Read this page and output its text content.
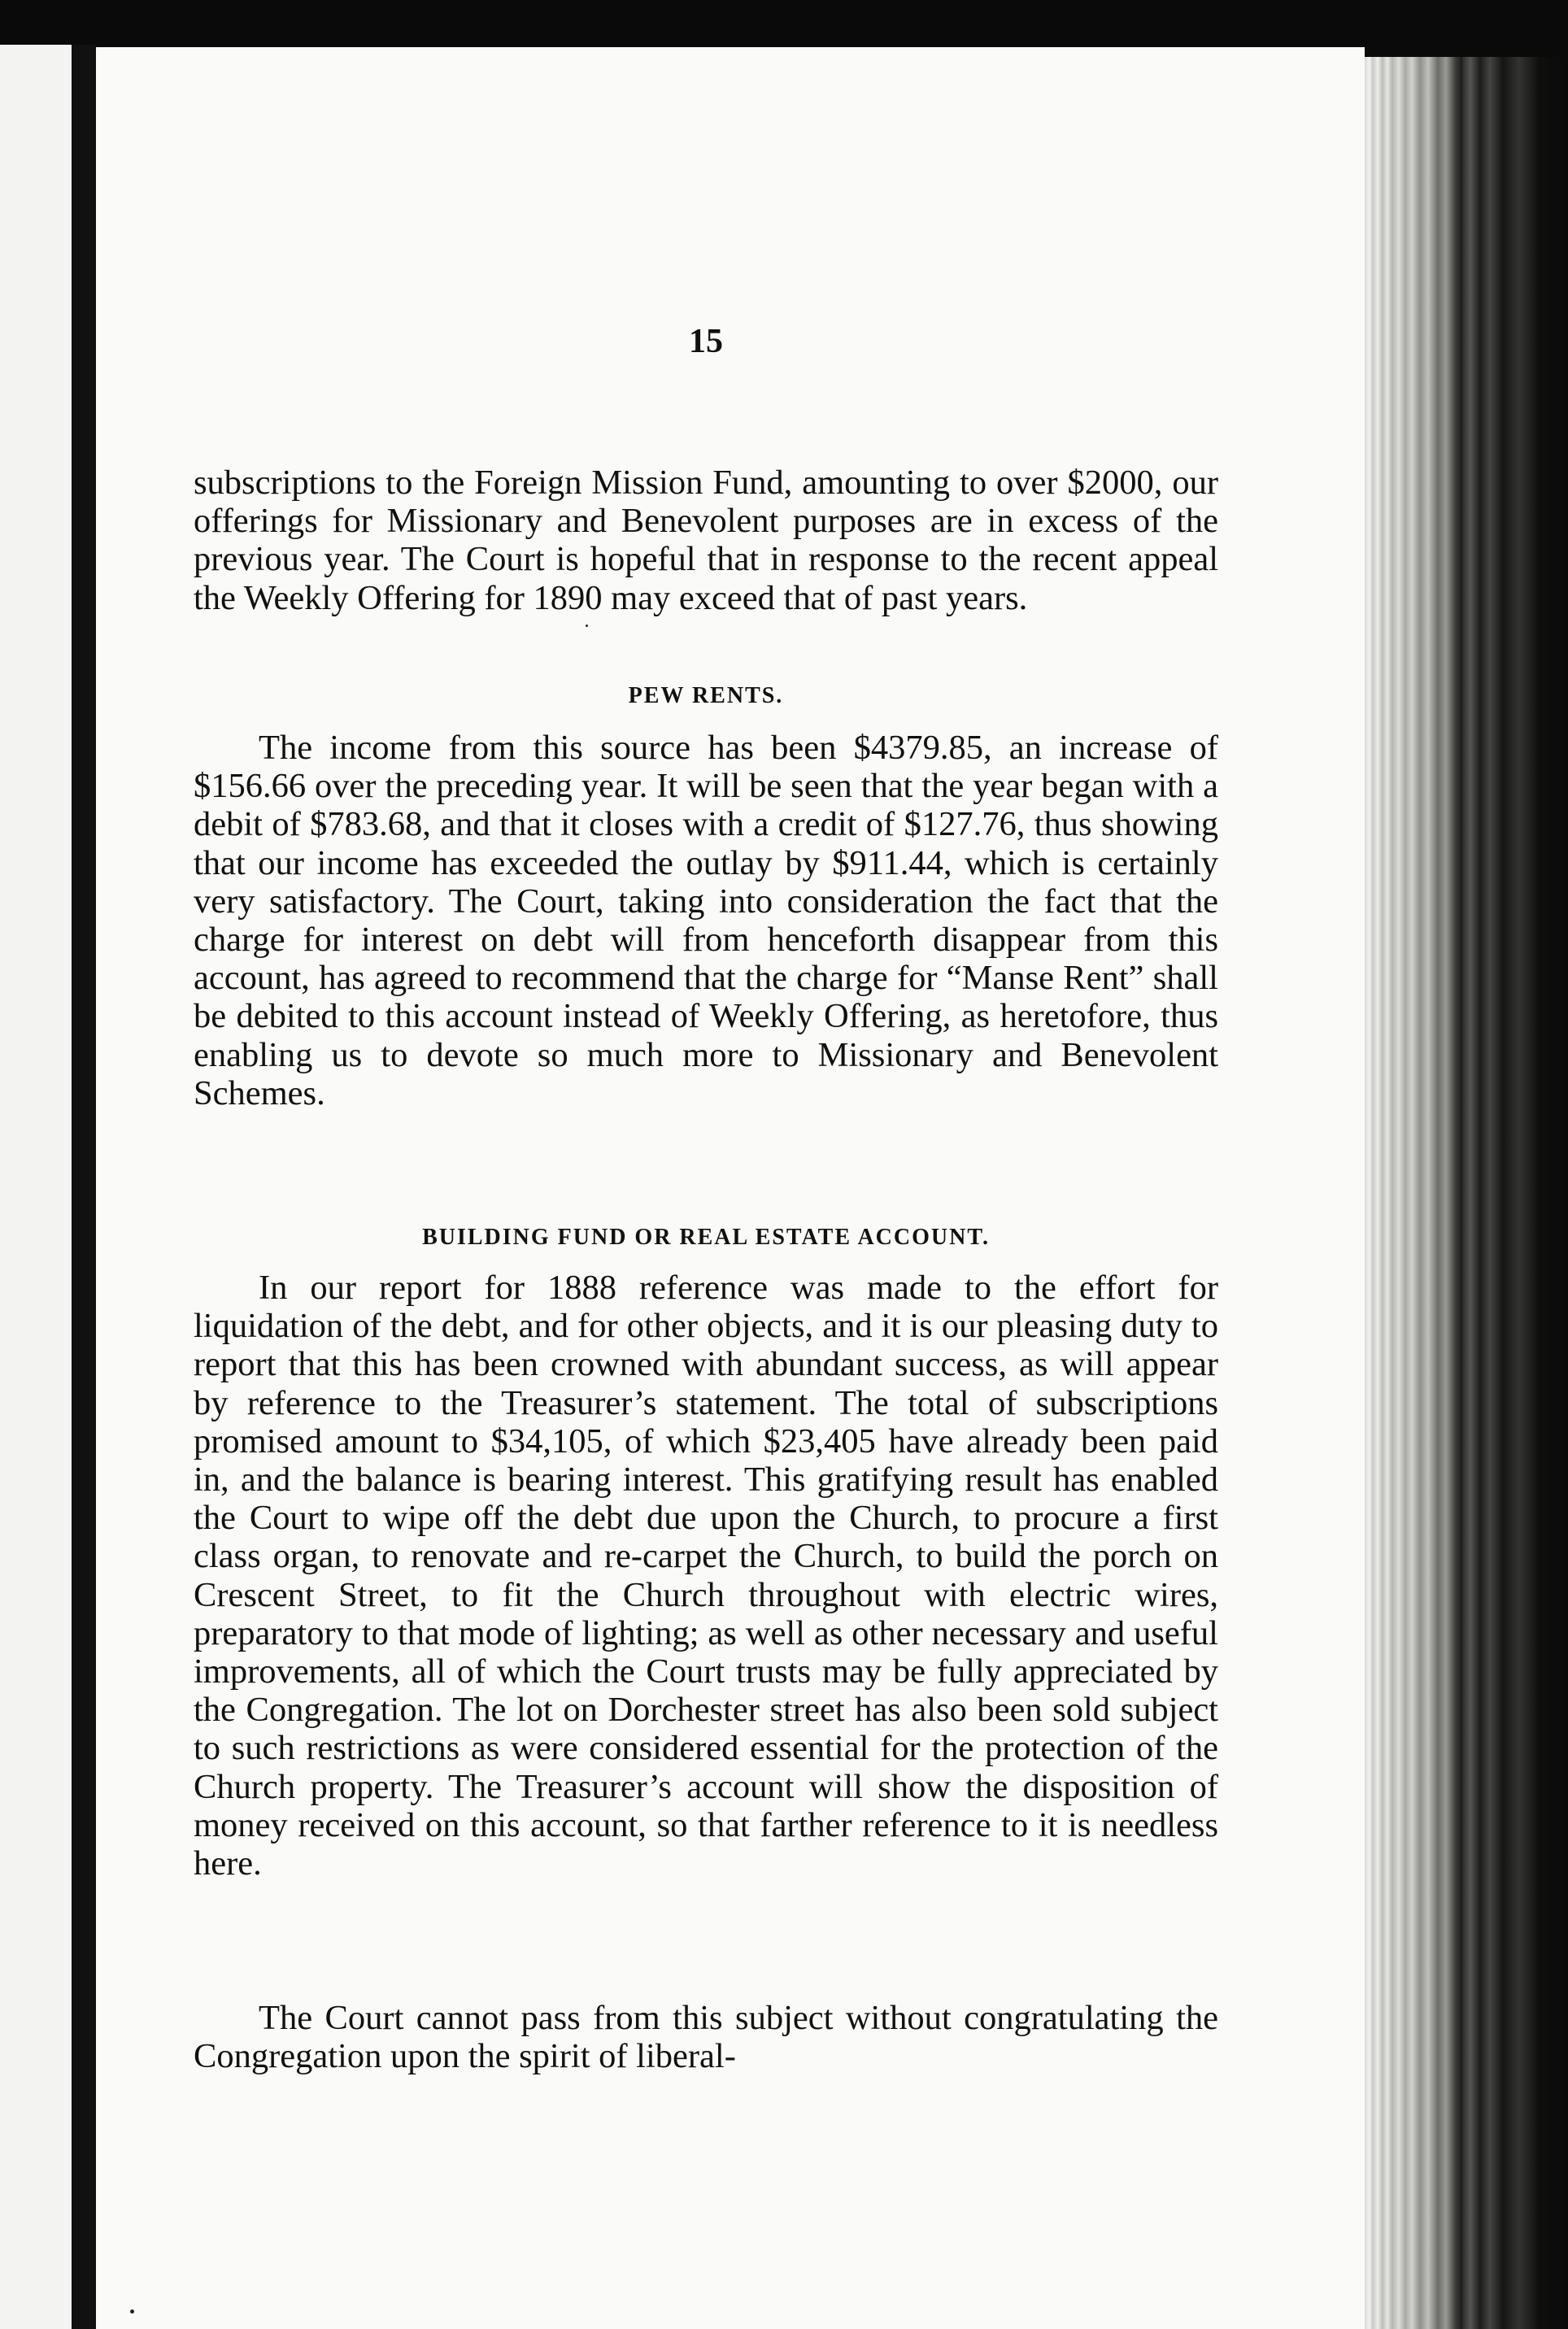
15

subscriptions to the Foreign Mission Fund, amounting to over $2000, our offerings for Missionary and Benevolent purposes are in excess of the previous year. The Court is hopeful that in response to the recent appeal the Weekly Offering for 1890 may exceed that of past years.

PEW RENTS.

The income from this source has been $4379.85, an increase of $156.66 over the preceding year. It will be seen that the year began with a debit of $783.68, and that it closes with a credit of $127.76, thus showing that our income has exceeded the outlay by $911.44, which is certainly very satisfactory. The Court, taking into consideration the fact that the charge for interest on debt will from henceforth disappear from this account, has agreed to recommend that the charge for “Manse Rent” shall be debited to this account instead of Weekly Offering, as heretofore, thus enabling us to devote so much more to Missionary and Benevolent Schemes.

BUILDING FUND OR REAL ESTATE ACCOUNT.

In our report for 1888 reference was made to the effort for liquidation of the debt, and for other objects, and it is our pleasing duty to report that this has been crowned with abundant success, as will appear by reference to the Treasurer’s statement. The total of subscriptions promised amount to $34,105, of which $23,405 have already been paid in, and the balance is bearing interest. This gratifying result has enabled the Court to wipe off the debt due upon the Church, to procure a first class organ, to renovate and re-carpet the Church, to build the porch on Crescent Street, to fit the Church throughout with electric wires, preparatory to that mode of lighting; as well as other necessary and useful improvements, all of which the Court trusts may be fully appreciated by the Congregation. The lot on Dorchester street has also been sold subject to such restrictions as were considered essential for the protection of the Church property. The Treasurer’s account will show the disposition of money received on this account, so that farther reference to it is needless here.

The Court cannot pass from this subject without congratulating the Congregation upon the spirit of liberal-
